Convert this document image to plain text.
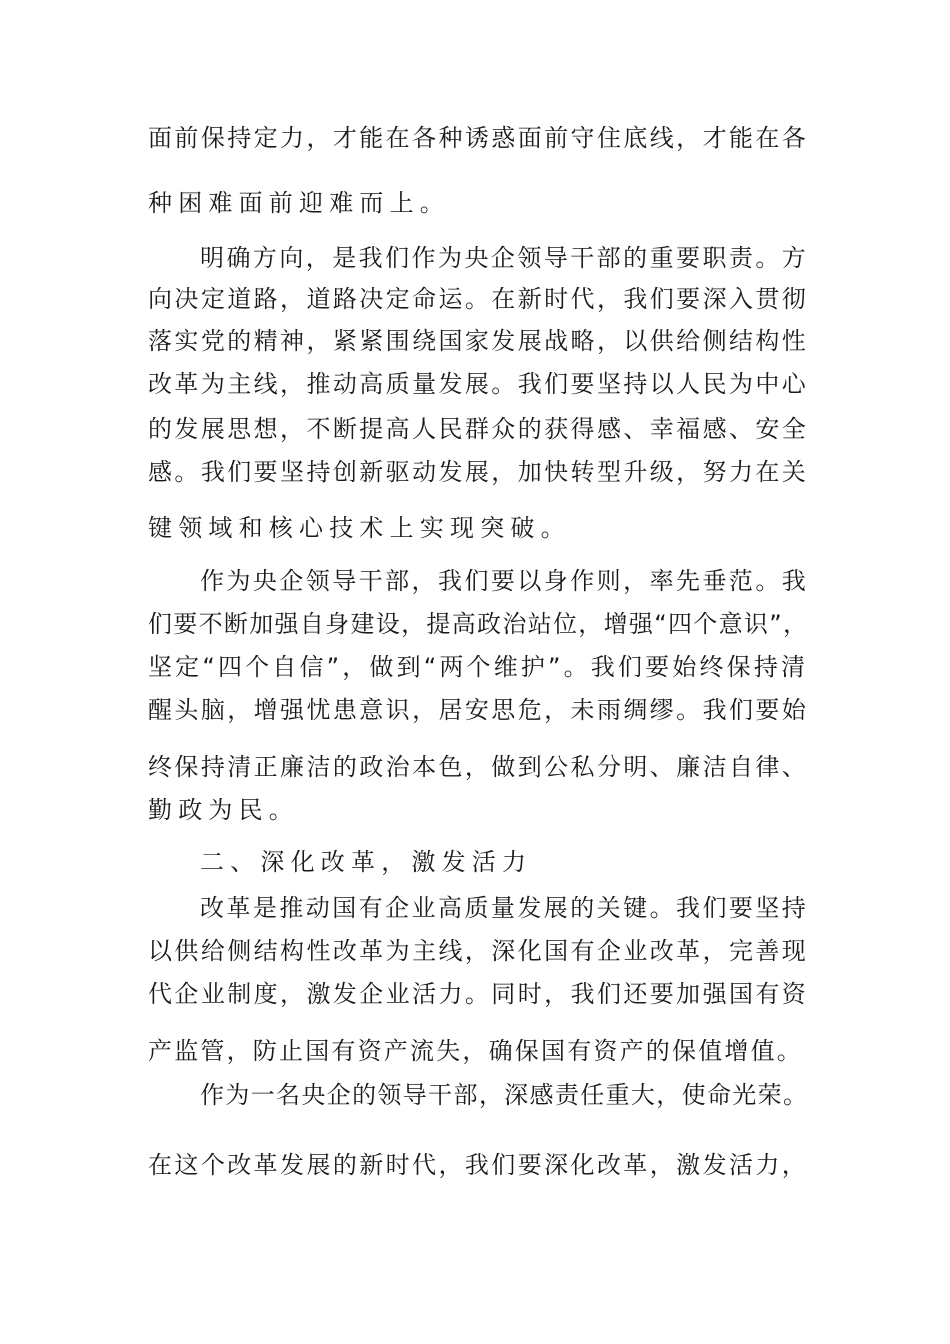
面前保持定力，才能在各种诱惑面前守住底线，才能在各
种困难面前迎难而上。
明确方向，是我们作为央企领导干部的重要职责。方
向决定道路，道路决定命运。在新时代，我们要深入贯彻
落实党的精神，紧紧围绕国家发展战略，以供给侧结构性
改革为主线，推动高质量发展。我们要坚持以人民为中心
的发展思想，不断提高人民群众的获得感、幸福感、安全
感。我们要坚持创新驱动发展，加快转型升级，努力在关
键领域和核心技术上实现突破。
作为央企领导干部，我们要以身作则，率先垂范。我
们要不断加强自身建设，提高政治站位，增强“四个意识”，
坚定“四个自信”，做到“两个维护”。我们要始终保持清
醒头脑，增强忧患意识，居安思危，未雨绸缪。我们要始
终保持清正廉洁的政治本色，做到公私分明、廉洁自律、
勤政为民。
二、深化改革，激发活力
改革是推动国有企业高质量发展的关键。我们要坚持
以供给侧结构性改革为主线，深化国有企业改革，完善现
代企业制度，激发企业活力。同时，我们还要加强国有资
产监管，防止国有资产流失，确保国有资产的保值增值。
作为一名央企的领导干部，深感责任重大，使命光荣。
在这个改革发展的新时代，我们要深化改革，激发活力，
